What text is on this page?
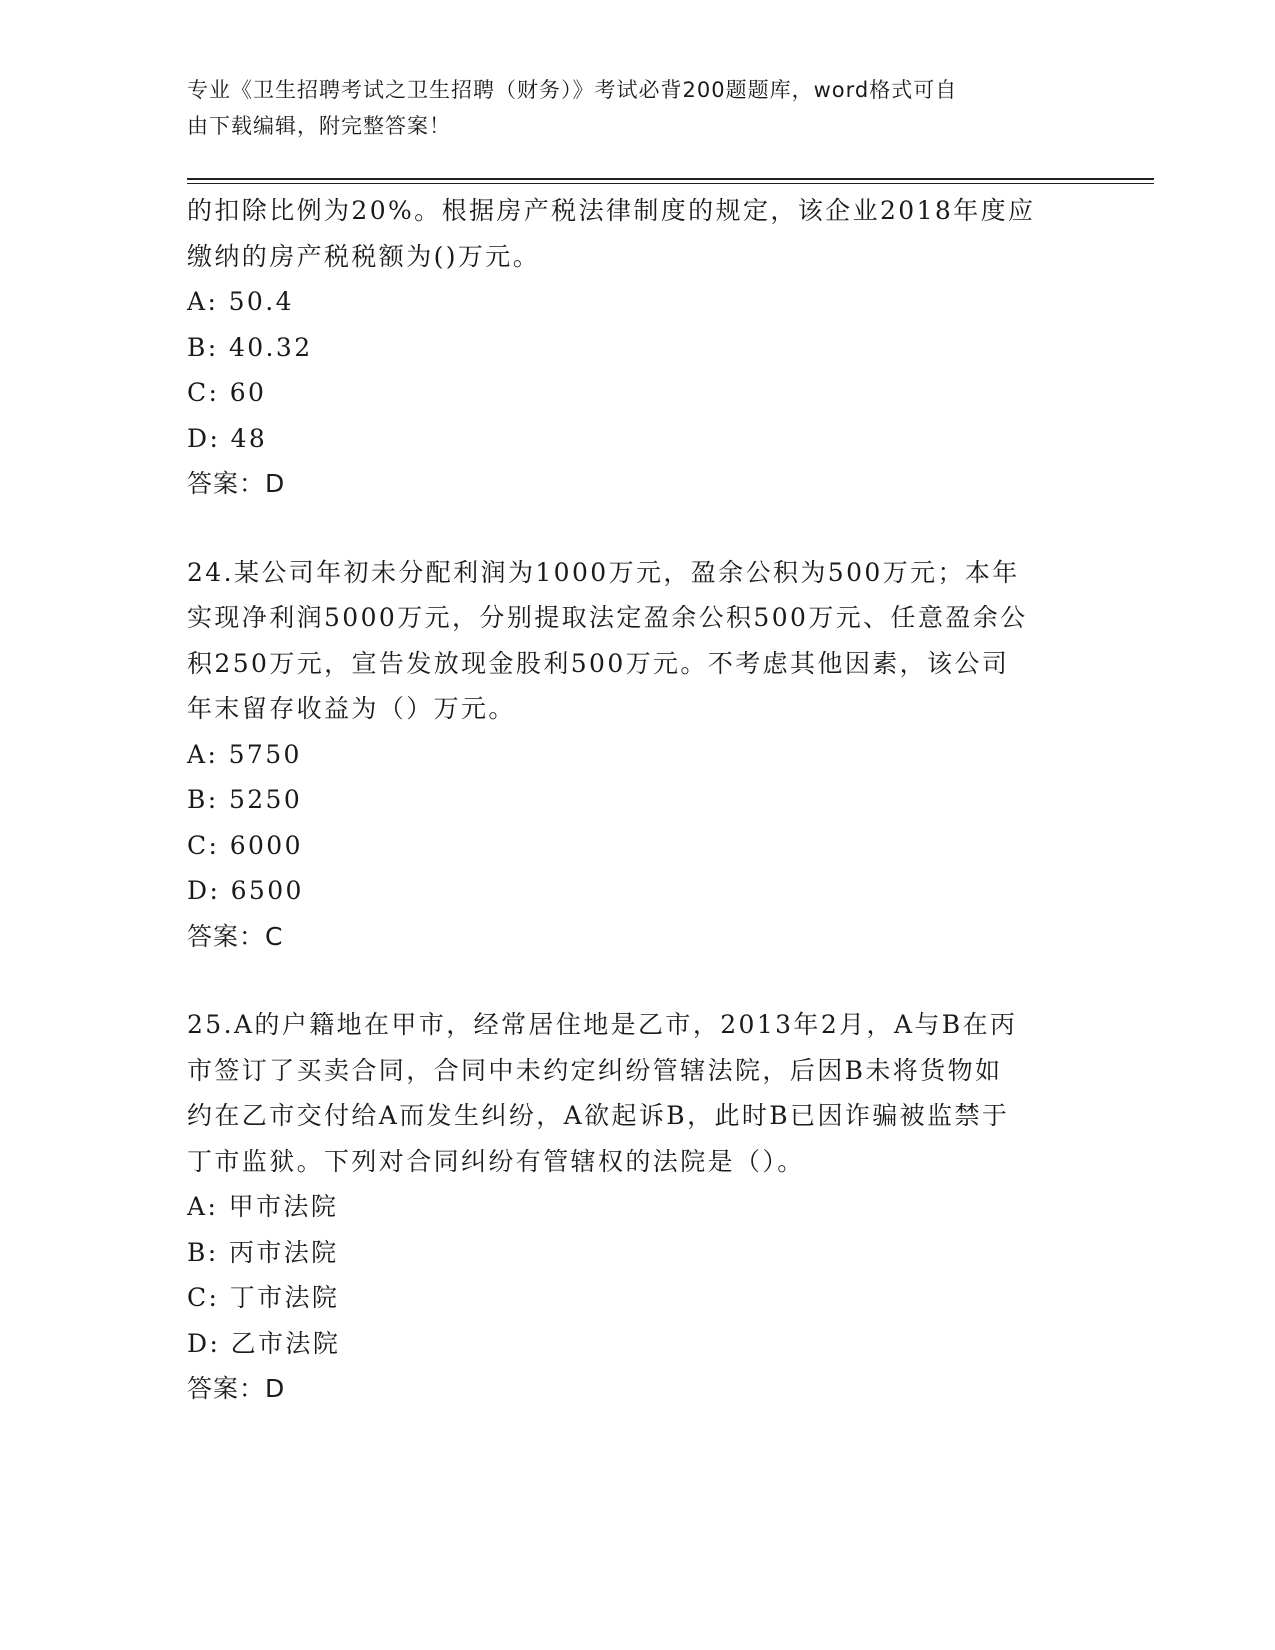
专业《卫生招聘考试之卫生招聘（财务）》考试必背200题题库，word格式可自
由下载编辑，附完整答案！
的扣除比例为20%。根据房产税法律制度的规定，该企业2018年度应
缴纳的房产税税额为()万元。
A: 50.4
B: 40.32
C: 60
D: 48
答案：D
24.某公司年初未分配利润为1000万元，盈余公积为500万元；本年
实现净利润5000万元，分别提取法定盈余公积500万元、任意盈余公
积250万元，宣告发放现金股利500万元。不考虑其他因素，该公司
年末留存收益为（）万元。
A: 5750
B: 5250
C: 6000
D: 6500
答案：C
25.A的户籍地在甲市，经常居住地是乙市，2013年2月，A与B在丙
市签订了买卖合同，合同中未约定纠纷管辖法院，后因B未将货物如
约在乙市交付给A而发生纠纷，A欲起诉B，此时B已因诈骗被监禁于
丁市监狱。下列对合同纠纷有管辖权的法院是（）。
A: 甲市法院
B: 丙市法院
C: 丁市法院
D: 乙市法院
答案：D
